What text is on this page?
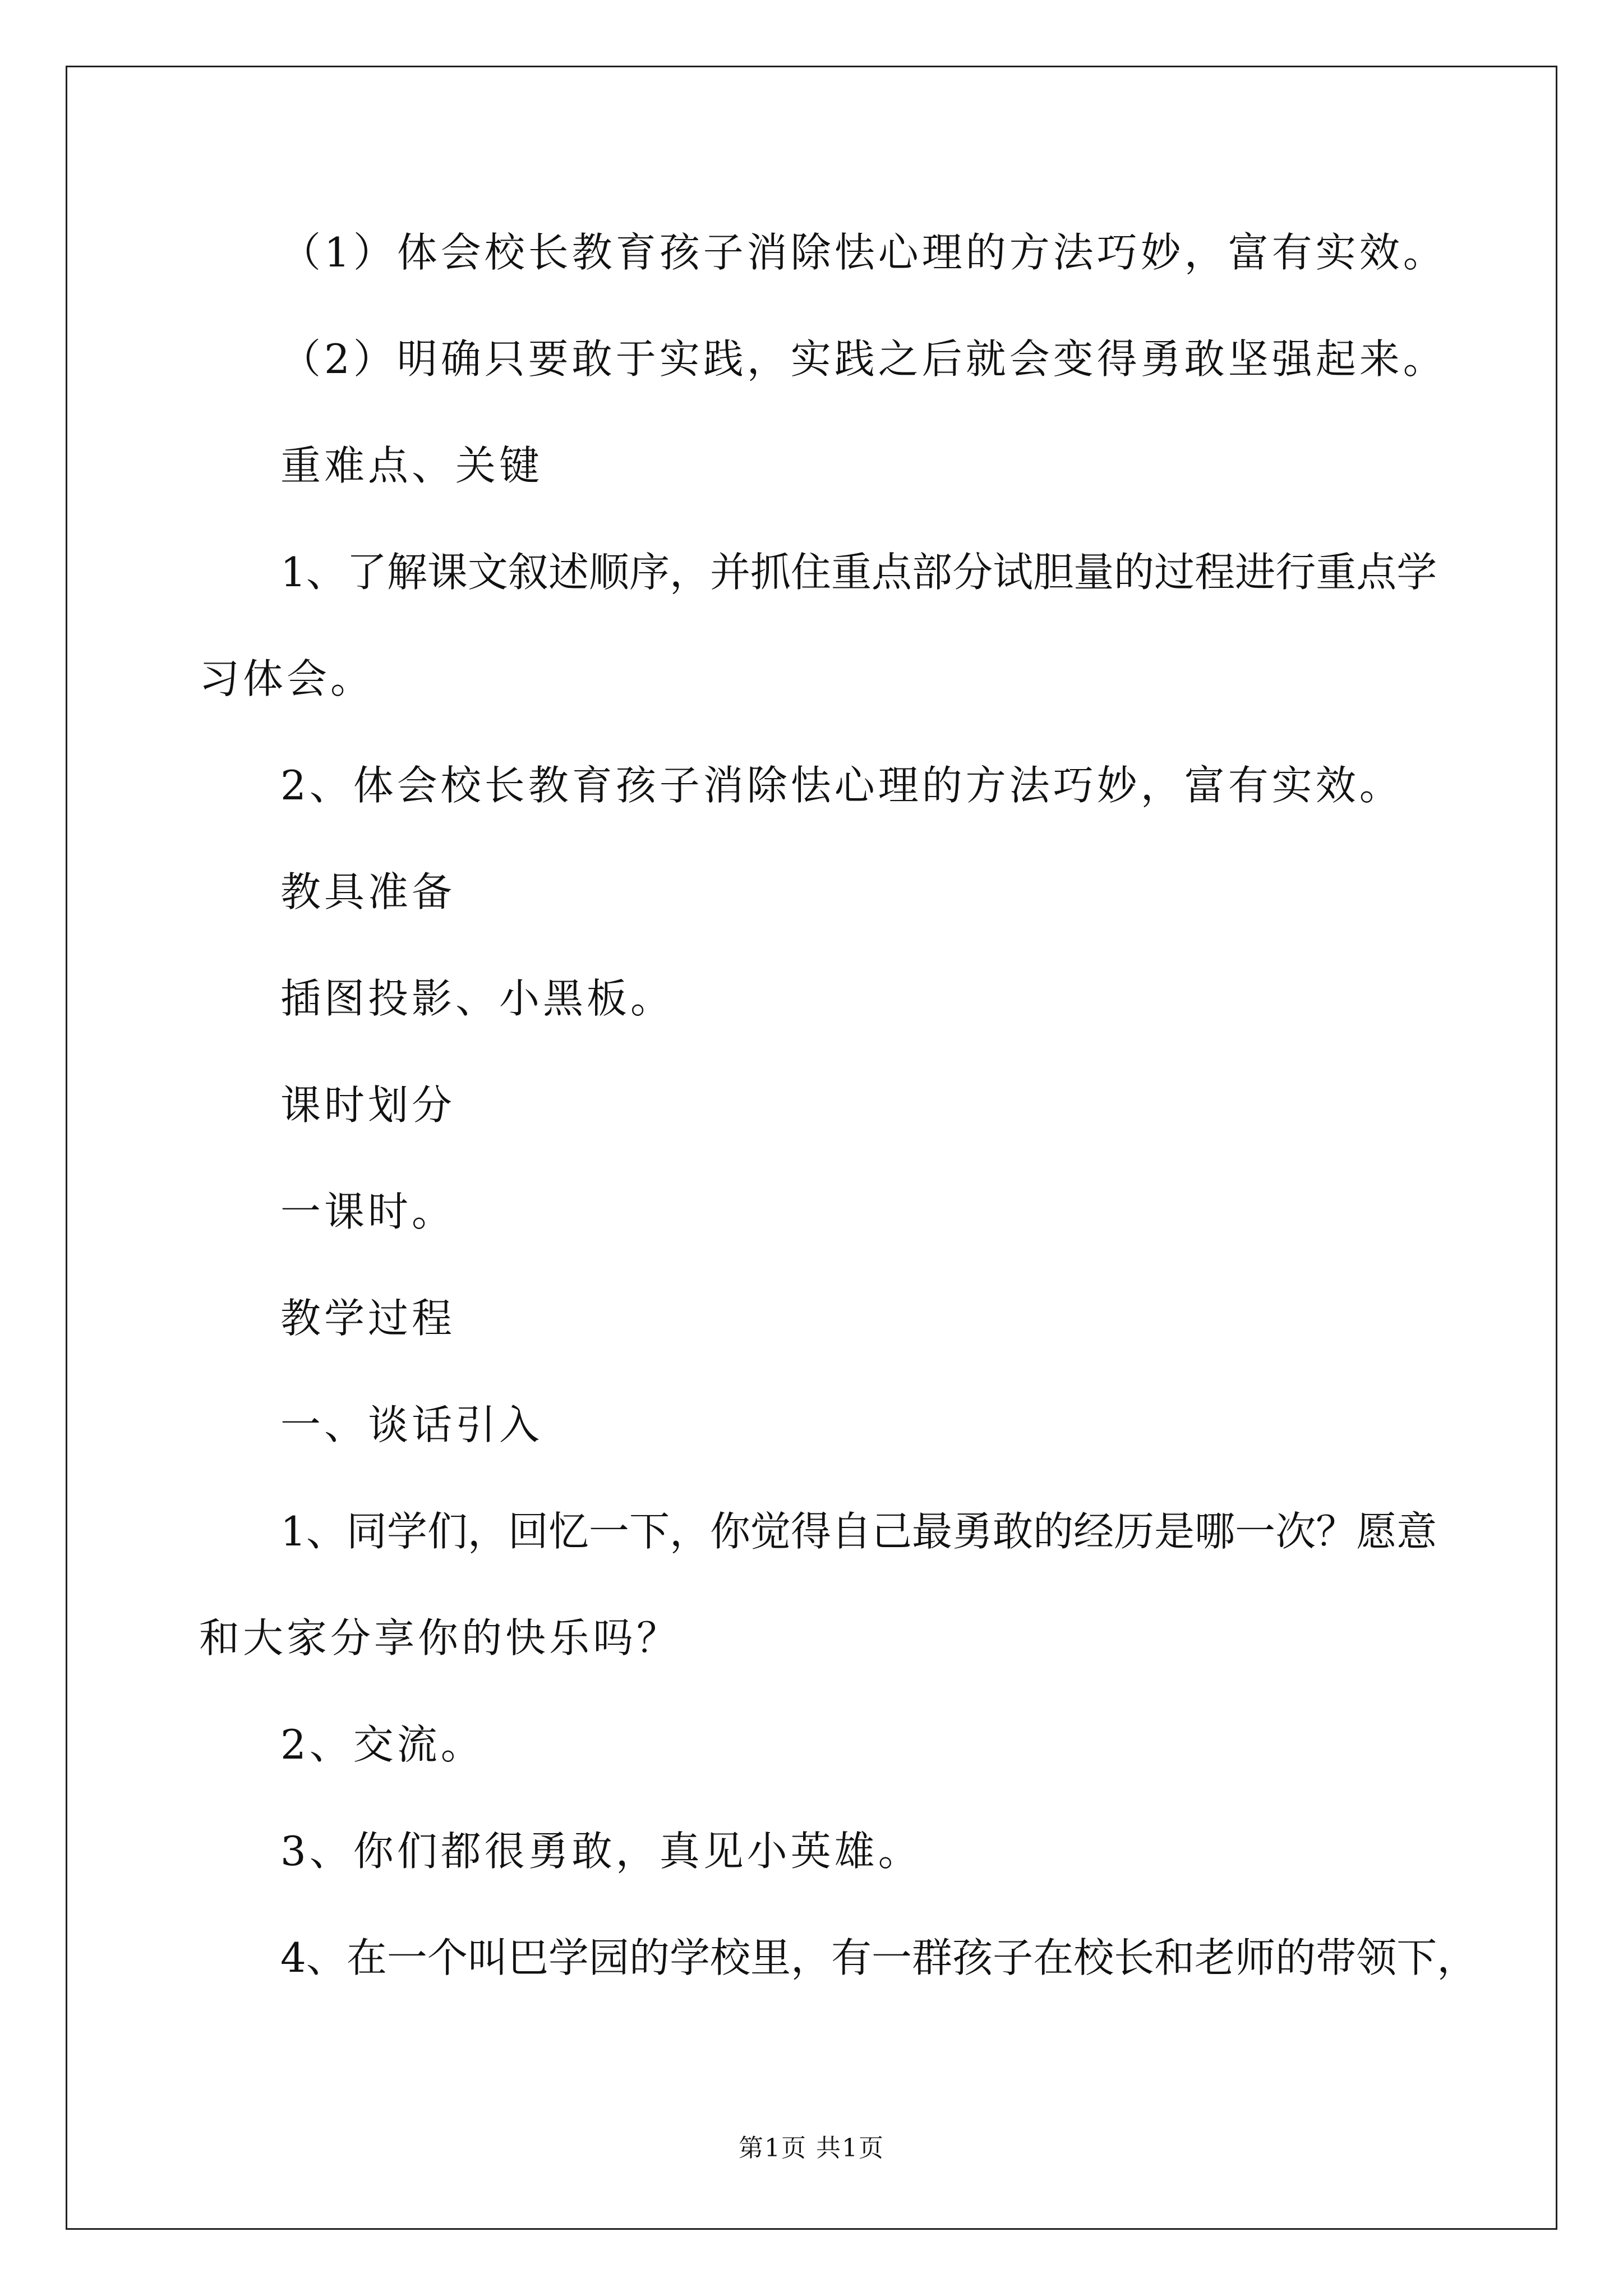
（1）体会校长教育孩子消除怯心理的方法巧妙，富有实效。
（2）明确只要敢于实践，实践之后就会变得勇敢坚强起来。
重难点、关键
1 、 了 解 课 文 叙 述 顺 序 ， 并 抓 住 重 点 部 分 试 胆 量 的 过 程 进 行 重 点 学
习体会。
2、体会校长教育孩子消除怯心理的方法巧妙，富有实效。
教具准备
插图投影、小黑板。
课时划分
一课时。
教学过程
一、谈话引入
1 、 同 学 们 ， 回 忆 一 下 ， 你 觉 得 自 己 最 勇 敢 的 经 历 是 哪 一 次 ？ 愿 意
和大家分享你的快乐吗？
2、交流。
3、你们都很勇敢，真见小英雄。
4 、 在 一 个 叫 巴 学 园 的 学 校 里 ， 有 一 群 孩 子 在 校 长 和 老 师 的 带 领 下 ，
第1页 共1页
